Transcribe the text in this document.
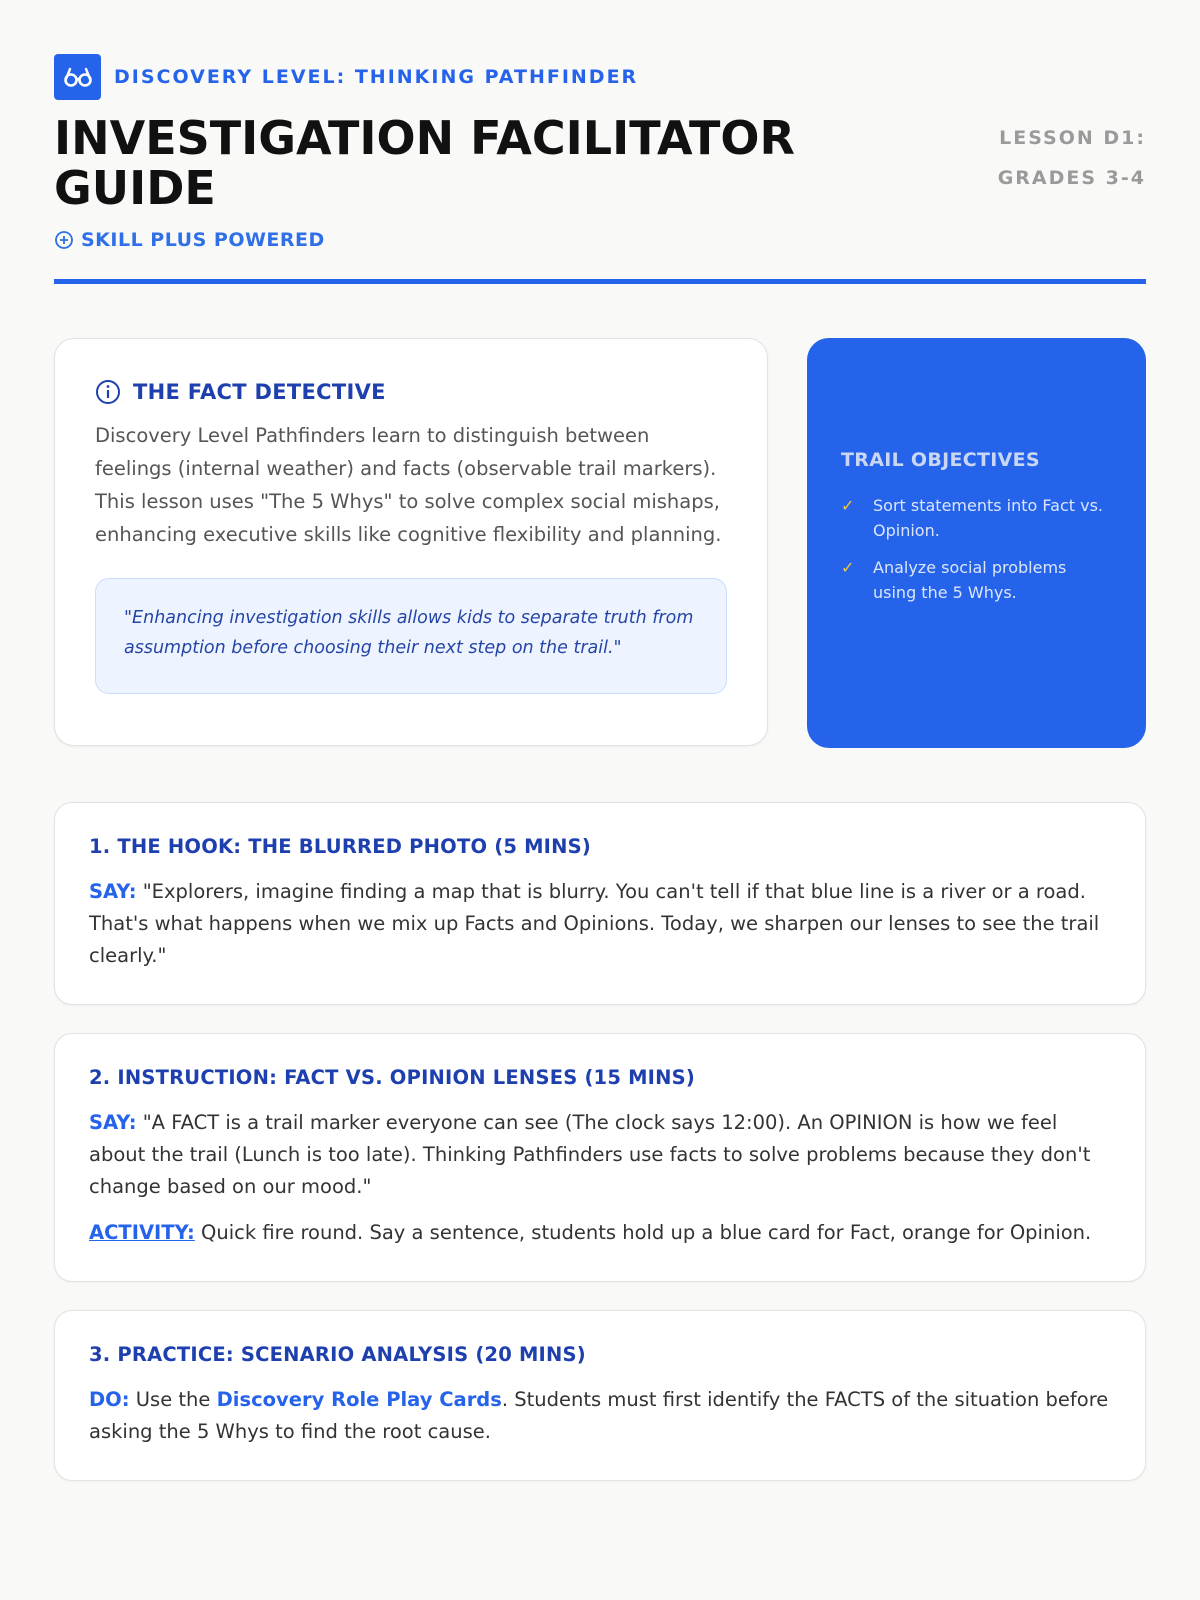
DISCOVERY LEVEL: THINKING PATHFINDER
INVESTIGATION FACILITATOR GUIDE
LESSON D1: GRADES 3-4
SKILL PLUS POWERED
THE FACT DETECTIVE

Discovery Level Pathfinders learn to distinguish between feelings (internal weather) and facts (observable trail markers). This lesson uses "The 5 Whys" to solve complex social mishaps, enhancing executive skills like cognitive flexibility and planning.

"Enhancing investigation skills allows kids to separate truth from assumption before choosing their next step on the trail."
TRAIL OBJECTIVES
✓	Sort statements into Fact vs. Opinion.
✓	Analyze social problems using the 5 Whys.
1. THE HOOK: THE BLURRED PHOTO (5 MINS)

SAY: "Explorers, imagine finding a map that is blurry. You can't tell if that blue line is a river or a road. That's what happens when we mix up Facts and Opinions. Today, we sharpen our lenses to see the trail clearly."

2. INSTRUCTION: FACT VS. OPINION LENSES (15 MINS)

SAY: "A FACT is a trail marker everyone can see (The clock says 12:00). An OPINION is how we feel about the trail (Lunch is too late). Thinking Pathfinders use facts to solve problems because they don't change based on our mood."

ACTIVITY: Quick fire round. Say a sentence, students hold up a blue card for Fact, orange for Opinion.

3. PRACTICE: SCENARIO ANALYSIS (20 MINS)

DO: Use the Discovery Role Play Cards. Students must first identify the FACTS of the situation before asking the 5 Whys to find the root cause.
